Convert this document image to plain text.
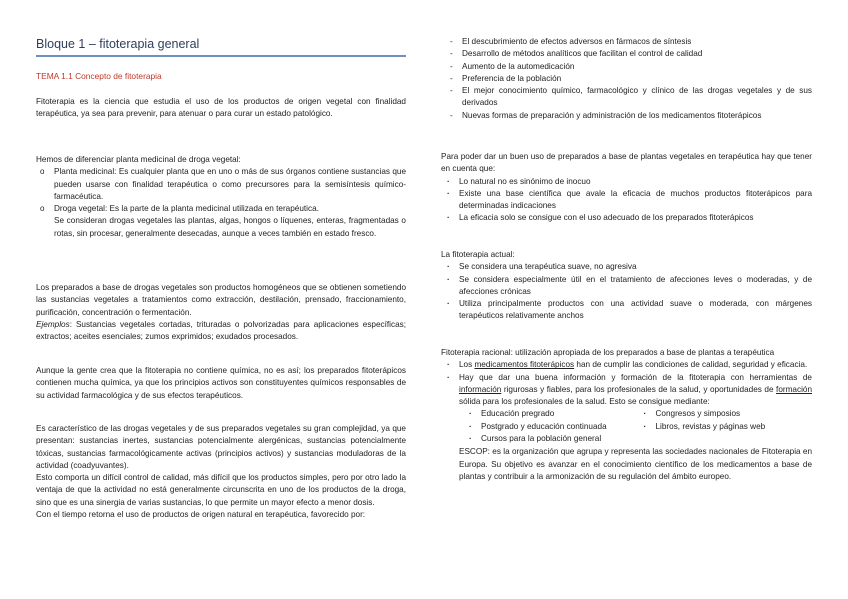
Bloque 1 – fitoterapia general
TEMA 1.1 Concepto de fitoterapia

Fitoterapia es la ciencia que estudia el uso de los productos de origen vegetal con finalidad terapéutica, ya sea para prevenir, para atenuar o para curar un estado patológico.

Hemos de diferenciar planta medicinal de droga vegetal:

o Planta medicinal: Es cualquier planta que en uno o más de sus órganos contiene sustancias que pueden usarse con finalidad terapéutica o como precursores para la semisíntesis químico-farmacéutica.
o Droga vegetal: Es la parte de la planta medicinal utilizada en terapéutica.

Se consideran drogas vegetales las plantas, algas, hongos o líquenes, enteras, fragmentadas o rotas, sin procesar, generalmente desecadas, aunque a veces también en estado fresco.

Los preparados a base de drogas vegetales son productos homogéneos que se obtienen sometiendo las sustancias vegetales a tratamientos como extracción, destilación, prensado, fraccionamiento, purificación, concentración o fermentación.

Ejemplos: Sustancias vegetales cortadas, trituradas o polvorizadas para aplicaciones específicas; extractos; aceites esenciales; zumos exprimidos; exudados procesados.

Aunque la gente crea que la fitoterapia no contiene química, no es así; los preparados fitoterápicos contienen mucha química, ya que los principios activos son constituyentes químicos responsables de su actividad farmacológica y de sus efectos terapéuticos.

Es característico de las drogas vegetales y de sus preparados vegetales su gran complejidad, ya que presentan: sustancias inertes, sustancias potencialmente alergénicas, sustancias potencialmente tóxicas, sustancias farmacológicamente activas (principios activos) y sustancias moduladoras de la actividad (coadyuvantes).

Esto comporta un difícil control de calidad, más difícil que los productos simples, pero por otro lado la ventaja de que la actividad no está generalmente circunscrita en uno de los productos de la droga, sino que es una sinergia de varias sustancias, lo que permite un mayor efecto a menor dosis.

Con el tiempo retorna el uso de productos de origen natural en terapéutica, favorecido por:

- El descubrimiento de efectos adversos en fármacos de síntesis
- Desarrollo de métodos analíticos que facilitan el control de calidad
- Aumento de la automedicación
- Preferencia de la población
- El mejor conocimiento químico, farmacológico y clínico de las drogas vegetales y de sus derivados
- Nuevas formas de preparación y administración de los medicamentos fitoterápicos

Para poder dar un buen uso de preparados a base de plantas vegetales en terapéutica hay que tener en cuenta que:

· Lo natural no es sinónimo de inocuo
· Existe una base científica que avale la eficacia de muchos productos fitoterápicos para determinadas indicaciones
· La eficacia solo se consigue con el uso adecuado de los preparados fitoterápicos

La fitoterapia actual:

· Se considera una terapéutica suave, no agresiva
· Se considera especialmente útil en el tratamiento de afecciones leves o moderadas, y de afecciones crónicas
· Utiliza principalmente productos con una actividad suave o moderada, con márgenes terapéuticos relativamente anchos

Fitoterapia racional: utilización apropiada de los preparados a base de plantas a terapéutica

· Los medicamentos fitoterápicos han de cumplir las condiciones de calidad, seguridad y eficacia.
· Hay que dar una buena información y formación de la fitoterapia con herramientas de información rigurosas y fiables, para los profesionales de la salud, y oportunidades de formación sólida para los profesionales de la salud. Esto se consigue mediante:
· Educación pregrado
· Postgrado y educación continuada
· Cursos para la población general
· Congresos y simposios
· Libros, revistas y páginas web

ESCOP: es la organización que agrupa y representa las sociedades nacionales de Fitoterapia en Europa. Su objetivo es avanzar en el conocimiento científico de los medicamentos a base de plantas y contribuir a la armonización de su regulación del ámbito europeo.
